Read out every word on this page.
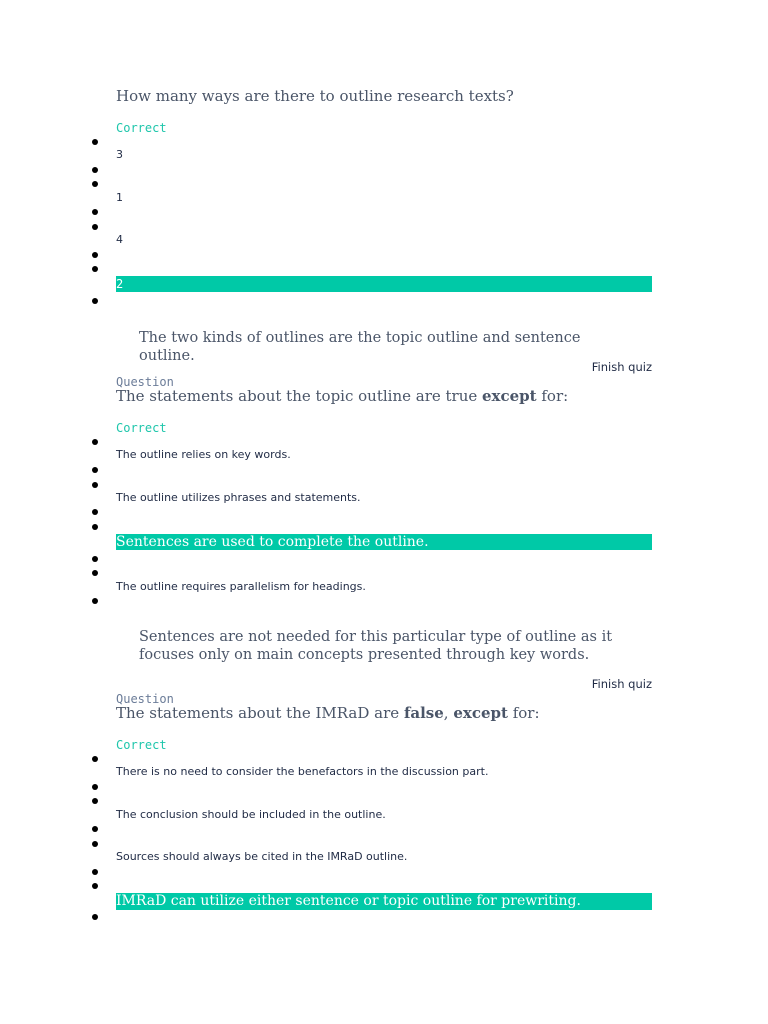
How many ways are there to outline research texts?
Correct
3
1
4
2
The two kinds of outlines are the topic outline and sentence outline.
Finish quiz
Question
The statements about the topic outline are true except for:
Correct
The outline relies on key words.
The outline utilizes phrases and statements.
Sentences are used to complete the outline.
The outline requires parallelism for headings.
Sentences are not needed for this particular type of outline as it focuses only on main concepts presented through key words.
Finish quiz
Question
The statements about the IMRaD are false, except for:
Correct
There is no need to consider the benefactors in the discussion part.
The conclusion should be included in the outline.
Sources should always be cited in the IMRaD outline.
IMRaD can utilize either sentence or topic outline for prewriting.
